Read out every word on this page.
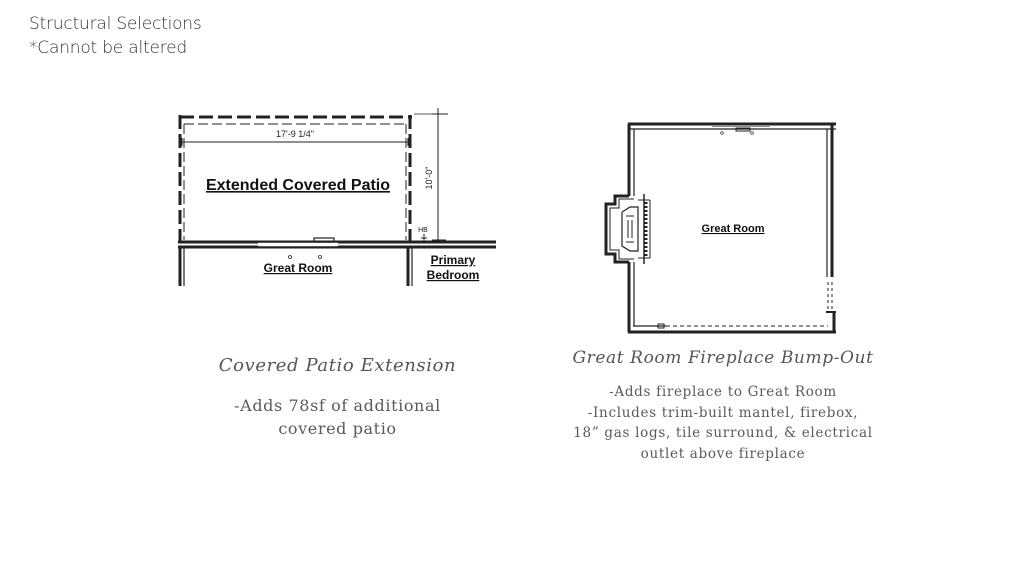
Structural Selections
*Cannot be altered
17'-9 1/4"
10'-0"
Extended Covered Patio
HB
Great Room
Primary
Bedroom
Great Room
Covered Patio Extension
-Adds 78sf of additional
covered patio
Great Room Fireplace Bump-Out
-Adds fireplace to Great Room
-Includes trim-built mantel, firebox,
18” gas logs, tile surround, & electrical
outlet above fireplace
